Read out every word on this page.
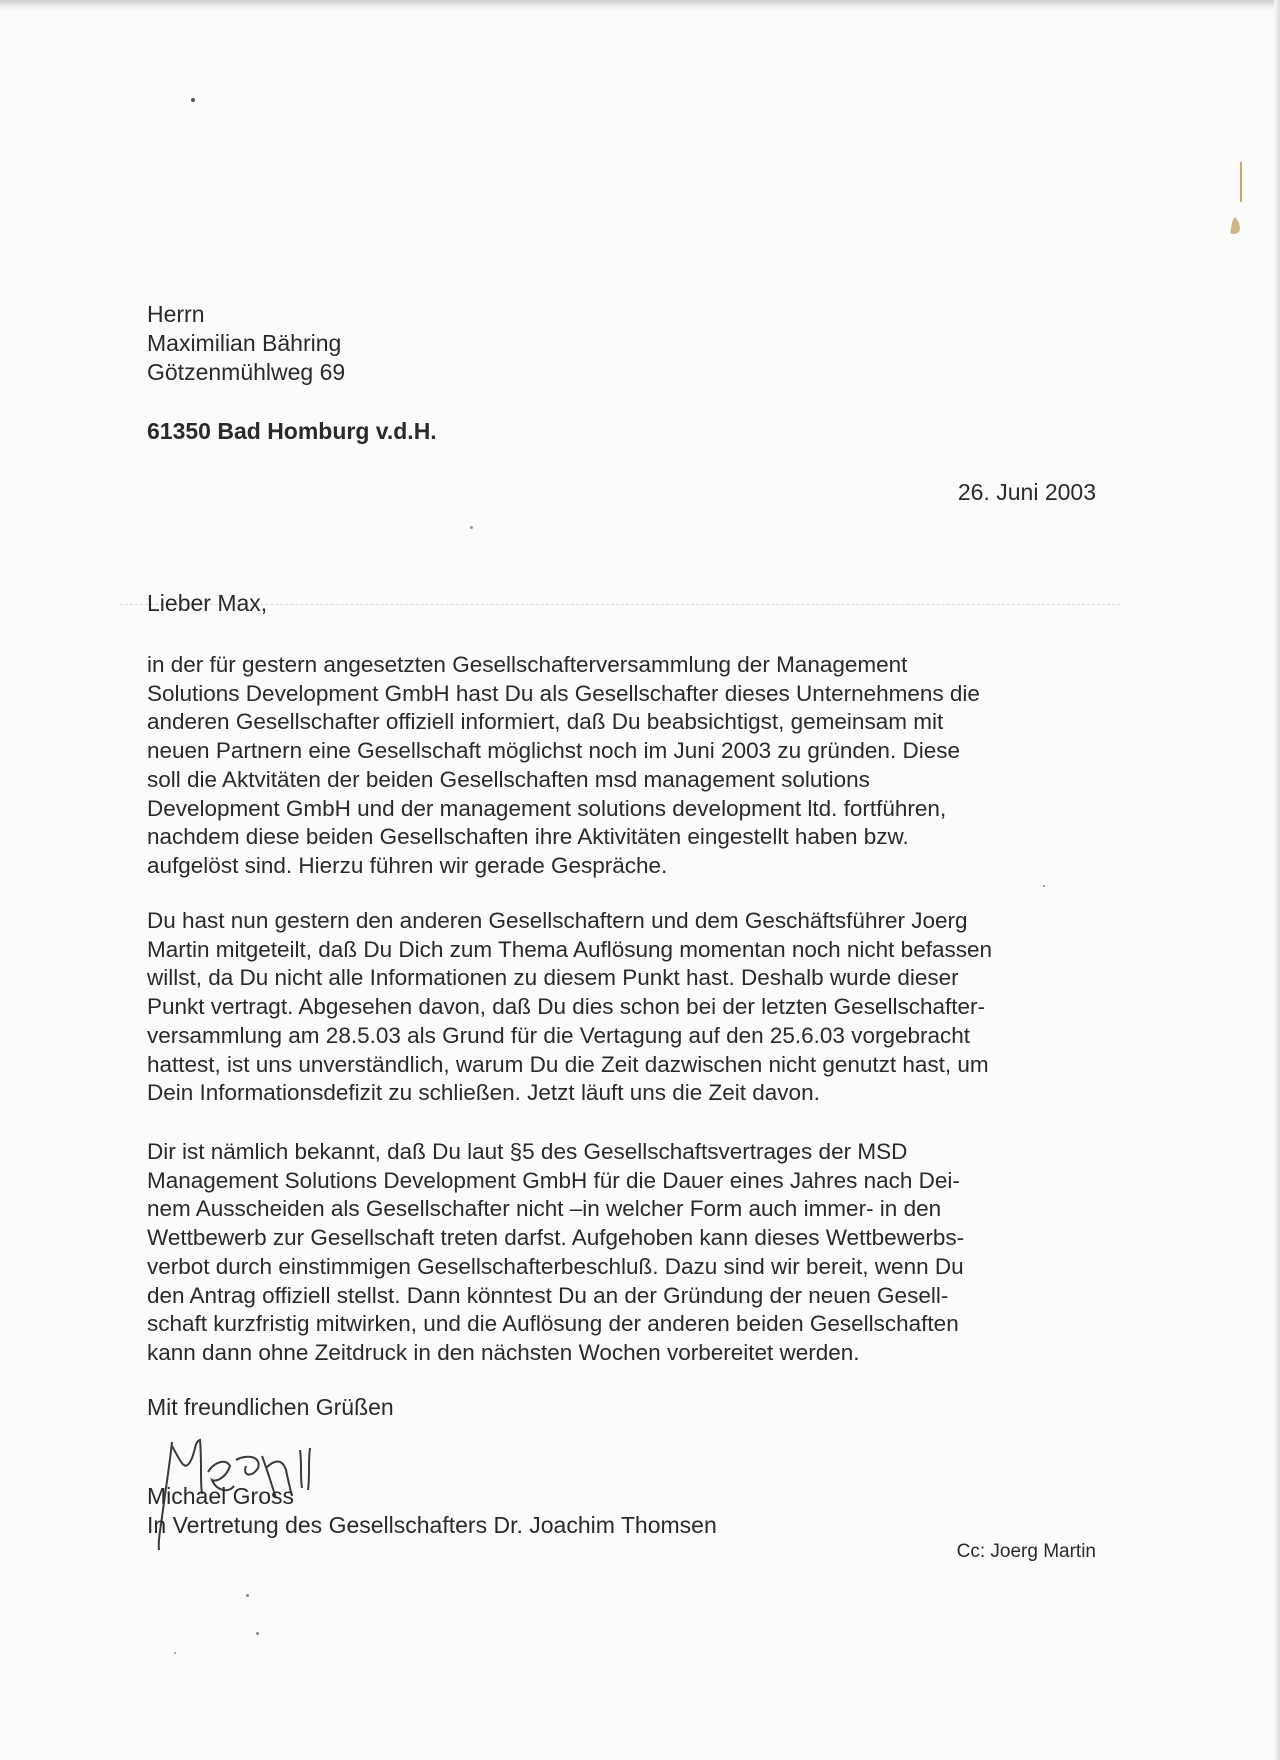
Herrn
Maximilian Bähring
Götzenmühlweg 69
61350 Bad Homburg v.d.H.
26. Juni 2003
Lieber Max,
in der für gestern angesetzten Gesellschafterversammlung der Management
Solutions Development GmbH hast Du als Gesellschafter dieses Unternehmens die
anderen Gesellschafter offiziell informiert, daß Du beabsichtigst, gemeinsam mit
neuen Partnern eine Gesellschaft möglichst noch im Juni 2003 zu gründen. Diese
soll die Aktvitäten der beiden Gesellschaften msd management solutions
Development GmbH und der management solutions development ltd. fortführen,
nachdem diese beiden Gesellschaften ihre Aktivitäten eingestellt haben bzw.
aufgelöst sind. Hierzu führen wir gerade Gespräche.
Du hast nun gestern den anderen Gesellschaftern und dem Geschäftsführer Joerg
Martin mitgeteilt, daß Du Dich zum Thema Auflösung momentan noch nicht befassen
willst, da Du nicht alle Informationen zu diesem Punkt hast. Deshalb wurde dieser
Punkt vertragt. Abgesehen davon, daß Du dies schon bei der letzten Gesellschafter-
versammlung am 28.5.03 als Grund für die Vertagung auf den 25.6.03 vorgebracht
hattest, ist uns unverständlich, warum Du die Zeit dazwischen nicht genutzt hast, um
Dein Informationsdefizit zu schließen. Jetzt läuft uns die Zeit davon.
Dir ist nämlich bekannt, daß Du laut §5 des Gesellschaftsvertrages der MSD
Management Solutions Development GmbH für die Dauer eines Jahres nach Dei-
nem Ausscheiden als Gesellschafter nicht –in welcher Form auch immer- in den
Wettbewerb zur Gesellschaft treten darfst. Aufgehoben kann dieses Wettbewerbs-
verbot durch einstimmigen Gesellschafterbeschluß. Dazu sind wir bereit, wenn Du
den Antrag offiziell stellst. Dann könntest Du an der Gründung der neuen Gesell-
schaft kurzfristig mitwirken, und die Auflösung der anderen beiden Gesellschaften
kann dann ohne Zeitdruck in den nächsten Wochen vorbereitet werden.
Mit freundlichen Grüßen
Michael Gross
In Vertretung des Gesellschafters Dr. Joachim Thomsen
Cc: Joerg Martin
